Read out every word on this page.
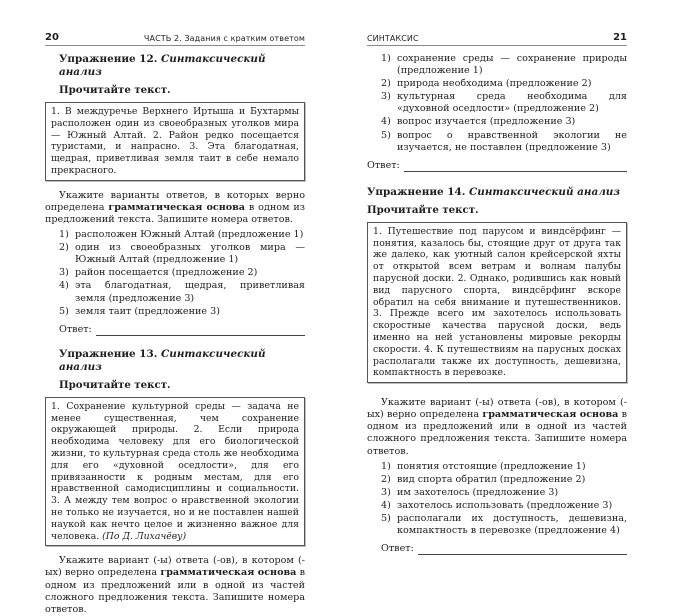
20	ЧАСТЬ 2. Задания с кратким ответом
Упражнение 12. Синтаксический анализ
Прочитайте текст.
1. В междуречье Верхнего Иртыша и Бухтармы расположен один из своеобразных уголков мира — Южный Алтай. 2. Район редко посещается туристами, и напрасно. 3. Эта благодатная, щедрая, приветливая земля таит в себе немало прекрасного.
Укажите варианты ответов, в которых верно определена грамматическая основа в одном из предложений текста. Запишите номера ответов.
1) расположен Южный Алтай (предложение 1)
2) один из своеобразных уголков мира — Южный Алтай (предложение 1)
3) район посещается (предложение 2)
4) эта благодатная, щедрая, приветливая земля (предложение 3)
5) земля таит (предложение 3)
Ответ:
Упражнение 13. Синтаксический анализ
Прочитайте текст.
1. Сохранение культурной среды — задача не менее существенная, чем сохранение окружающей природы. 2. Если природа необходима человеку для его биологической жизни, то культурная среда столь же необходима для его «духовной оседлости», для его привязанности к родным местам, для его нравственной самодисциплины и социальности. 3. А между тем вопрос о нравственной экологии не только не изучается, но и не поставлен нашей наукой как нечто целое и жизненно важное для человека. (По Д. Лихачёву)
Укажите вариант (-ы) ответа (-ов), в котором (-ых) верно определена грамматическая основа в одном из предложений или в одной из частей сложного предложения текста. Запишите номера ответов.
СИНТАКСИС	21
1) сохранение среды — сохранение природы (предложение 1)
2) природа необходима (предложение 2)
3) культурная среда необходима для «духовной оседлости» (предложение 2)
4) вопрос изучается (предложение 3)
5) вопрос о нравственной экологии не изучается, не поставлен (предложение 3)
Ответ:
Упражнение 14. Синтаксический анализ
Прочитайте текст.
1. Путешествие под парусом и виндсёрфинг — понятия, казалось бы, стоящие друг от друга так же далеко, как уютный салон крейсерской яхты от открытой всем ветрам и волнам палубы парусной доски. 2. Однако, родившись как новый вид парусного спорта, виндсёрфинг вскоре обратил на себя внимание и путешественников. 3. Прежде всего им захотелось использовать скоростные качества парусной доски, ведь именно на ней установлены мировые рекорды скорости. 4. К путешествиям на парусных досках располагали также их доступность, дешевизна, компактность в перевозке.
Укажите вариант (-ы) ответа (-ов), в котором (-ых) верно определена грамматическая основа в одном из предложений или в одной из частей сложного предложения текста. Запишите номера ответов.
1) понятия отстоящие (предложение 1)
2) вид спорта обратил (предложение 2)
3) им захотелось (предложение 3)
4) захотелось использовать (предложение 3)
5) располагали их доступность, дешевизна, компактность в перевозке (предложение 4)
Ответ:
